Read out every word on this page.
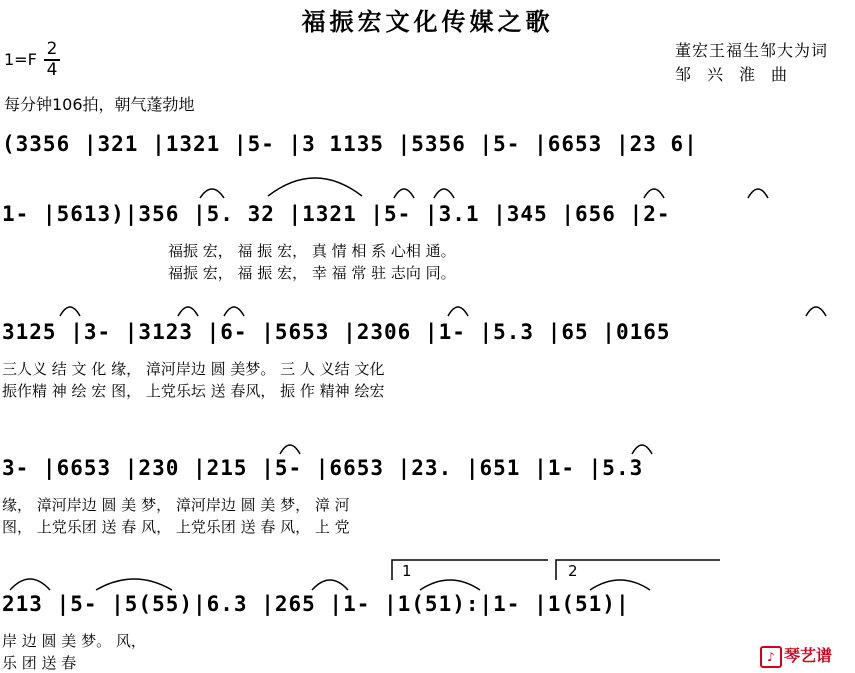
福振宏文化传媒之歌
1=F
2
4
董宏王福生邹大为词
邹兴淮曲
每分钟106拍，朝气蓬勃地
(3356 |321 |1321 |5- |3 1135 |5356 |5- |6653 |23 6|
1- |5613)|356 |5. 32 |1321 |5- |3.1 |345 |656 |2-
福振 宏， 福 振 宏， 真 情 相 系 心相 通。
福振 宏， 福 振 宏， 幸 福 常 驻 志向 同。
3125 |3- |3123 |6- |5653 |2306 |1- |5.3 |65 |0165
三人义 结 文 化 缘， 漳河岸边 圆 美梦。 三 人 义结 文化
振作精 神 绘 宏 图， 上党乐坛 送 春风， 振 作 精神 绘宏
3- |6653 |230 |215 |5- |6653 |23. |651 |1- |5.3
缘， 漳河岸边 圆 美 梦， 漳河岸边 圆 美 梦， 漳 河
图， 上党乐团 送 春 风， 上党乐团 送 春 风， 上 党
1	2
213 |5- |5(55)|6.3 |265 |1- |1(51):|1- |1(51)|
岸 边 圆 美 梦。 风，
乐 团 送 春	♪ 琴艺谱
